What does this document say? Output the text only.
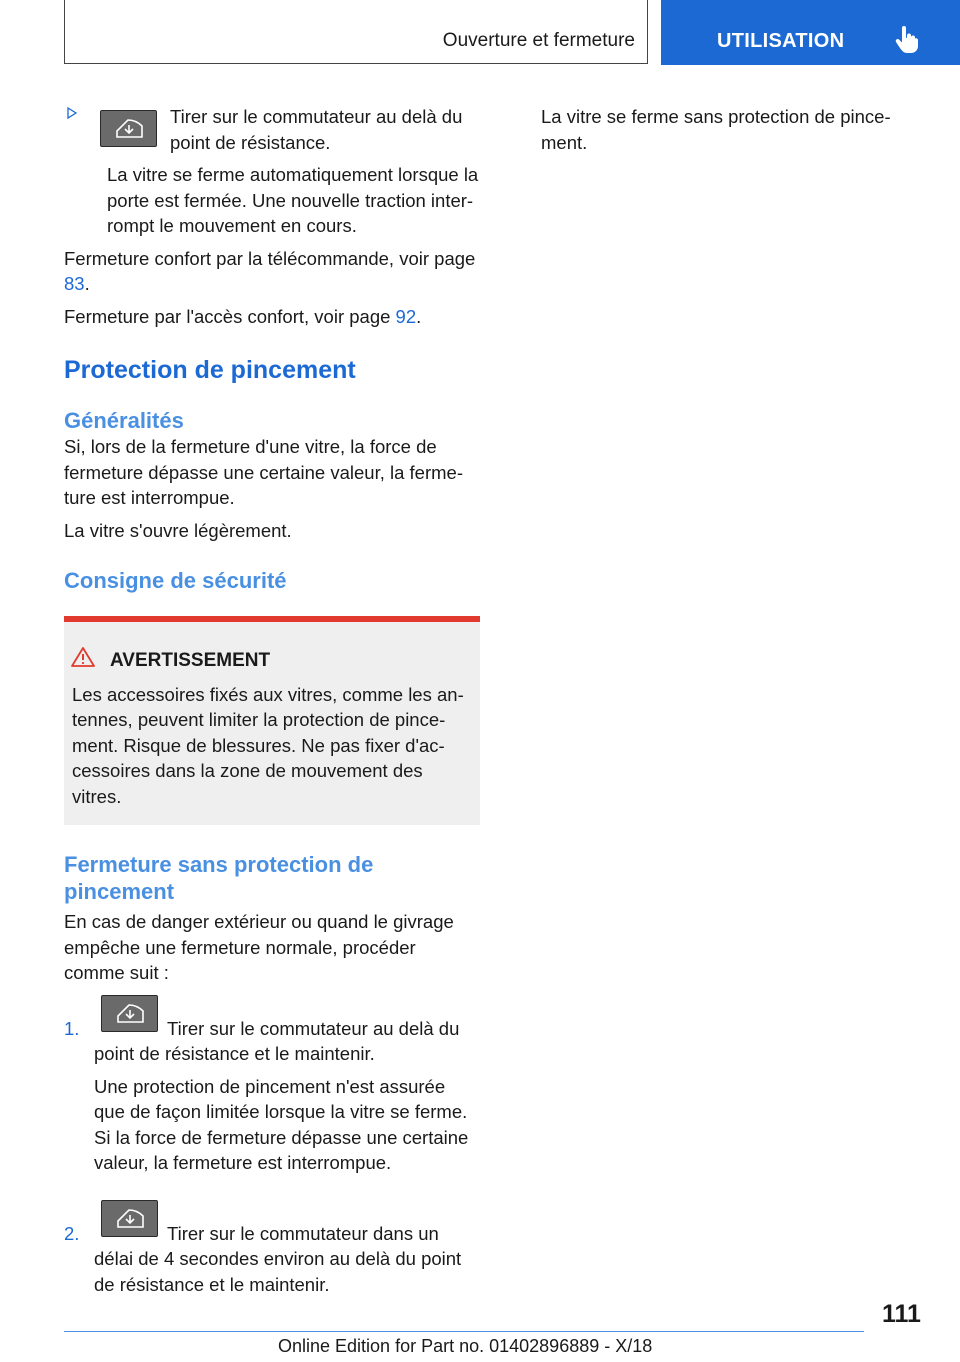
Ouverture et fermeture	UTILISATION

Tirer sur le commutateur au delà du point de résistance.

La vitre se ferme automatiquement lorsque la porte est fermée. Une nouvelle traction inter-rompt le mouvement en cours.

Fermeture confort par la télécommande, voir page 83.

Fermeture par l'accès confort, voir page 92.

Protection de pincement
Généralités

Si, lors de la fermeture d'une vitre, la force de fermeture dépasse une certaine valeur, la ferme-ture est interrompue.

La vitre s'ouvre légèrement.

Consigne de sécurité
AVERTISSEMENT

Les accessoires fixés aux vitres, comme les an-tennes, peuvent limiter la protection de pince-ment. Risque de blessures. Ne pas fixer d'ac-cessoires dans la zone de mouvement des vitres.

Fermeture sans protection de pincement

En cas de danger extérieur ou quand le givrage empêche une fermeture normale, procéder comme suit :

1.	Tirer sur le commutateur au delà du point de résistance et le maintenir.

Une protection de pincement n'est assurée que de façon limitée lorsque la vitre se ferme. Si la force de fermeture dépasse une certaine valeur, la fermeture est interrompue.

2.	Tirer sur le commutateur dans un délai de 4 secondes environ au delà du point de résistance et le maintenir.

La vitre se ferme sans protection de pince-ment.

111
Online Edition for Part no. 01402896889 - X/18
